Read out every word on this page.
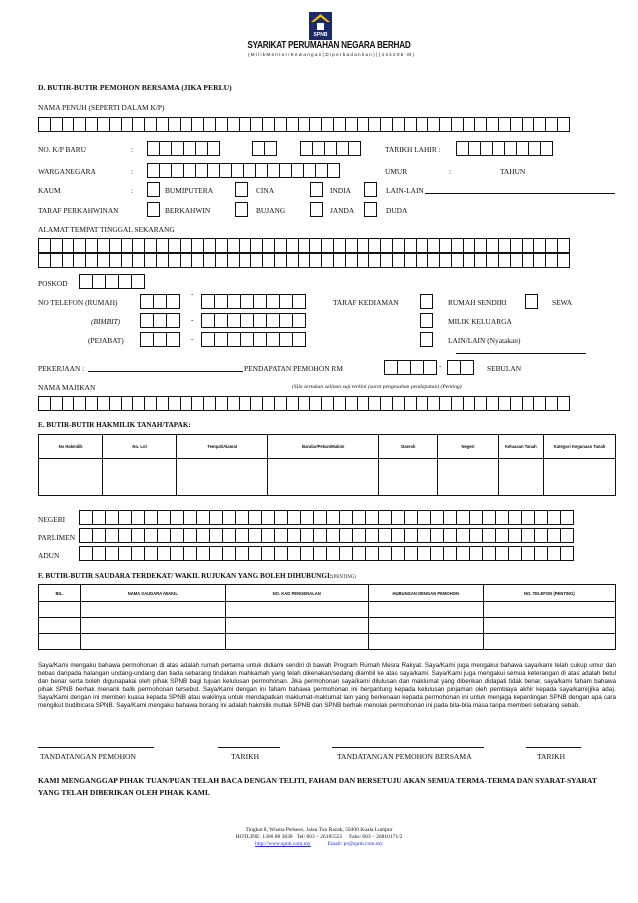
SPNB
SYARIKAT PERUMAHAN NEGARA BERHAD
( M i l i k M e n t e r i K e w a n g a n ( D i p e r b a d a n k a n ) ) ( 4 4 4 2 0 5 - M )
D. BUTIR-BUTIR PEMOHON BERSAMA (JIKA PERLU)
NAMA PENUH (SEPERTI DALAM K/P)
NO. K/P BARU	:	TARIKH LAHIR :
-	-
WARGANEGARA	:	UMUR	:	TAHUN
KAUM	:	BUMIPUTERA	CINA	INDIA	LAIN-LAIN
TARAF PERKAHWINAN	BERKAHWIN	BUJANG	JANDA	DUDA
ALAMAT TEMPAT TINGGAL SEKARANG
POSKOD
NO TELEFON (RUMAH)
-
(BIMBIT)	-
(PEJABAT)	-
TARAF KEDIAMAN	RUMAH SENDIRI	SEWA
MILIK KELUARGA
LAIN/LAIN (Nyatakan)
PEKERJAAN :	PENDAPATAN PEMOHON RM	-	SEBULAN
NAMA MAJIKAN	(Sila sertakan salinan suji terkini (surat pengesahan pendapatan) (Penting)
E. BUTIR-BUTIR HAKMILIK TANAH/TAPAK:
No Hakmilik	No. Lot	Tempat/Alamat	Bandar/Pekan/Mukim	Daerah	Negeri	Keluasan Tanah	Kategori Kegunaan Tanah

NEGERI
PARLIMEN
ADUN
F. BUTIR-BUTIR SAUDARA TERDEKAT/ WAKIL RUJUKAN YANG BOLEH DIHUBUNGI:(PENTING)
BIL.	NAMA SAUDARA /WAKIL	NO. KAD PENGENALAN	HUBUNGAN DENGAN PEMOHON	NO. TELEFON (PENTING)

Saya/Kami mengaku bahawa permohonan di atas adalah rumah pertama untuk didiami sendiri di bawah Program Rumah Mesra Rakyat. Saya/Kami juga mengakui bahawa saya/kami telah cukup umur dan bebas daripada halangan undang-undang dan tiada sebarang tindakan mahkamah yang telah dikenakan/sedang diambil ke atas saya/kami. Saya/Kami juga mengakui semua keterangan di atas adalah betul dan benar serta boleh digunapakai oleh pihak SPNB bagi tujuan kelulusan permohonan. Jika permohonan saya/kami dilulusan dan maklumat yang diberikan didapati tidak benar, saya/kami faham bahawa pihak SPNB berhak menarik balik permohonan tersebut. Saya/Kami dengan ini faham bahawa permohonan ini bergantung kepada kelulusan pinjaman oleh pembiaya akhir kepada saya/kami(jika ada). Saya/Kami dengan ini memberi kuasa kepada SPNB atau wakilnya untuk mendapatkan maklumat-maklumat lain yang berkenaan kepada permohonan ini untuk menjaga kepentingan SPNB dengan apa cara mengikut budibicara SPNB. Saya/Kami mengaku bahawa borang ini adalah hakmilik mutlak SPNB dan SPNB berhak menolak permohonan ini pada bila-bila masa tanpa memberi sebarang sebab.
TANDATANGAN PEMOHON	TARIKH	TANDATANGAN PEMOHON BERSAMA	TARIKH
KAMI MENGANGGAP PIHAK TUAN/PUAN TELAH BACA DENGAN TELITI, FAHAM DAN BERSETUJU AKAN SEMUA TERMA-TERMA DAN SYARAT-SYARAT YANG TELAH DIBERIKAN OLEH PIHAK KAMI.
Tingkat 8, Wisma Perkeso, Jalan Tun Razak, 50400 Kuala Lumpur
HOTLINE: 1300 88 3838   Tel: 603 – 26185555     Faks: 603 – 26810171/2
http://www.spnb.com.my	Email: pr@spnb.com.my
